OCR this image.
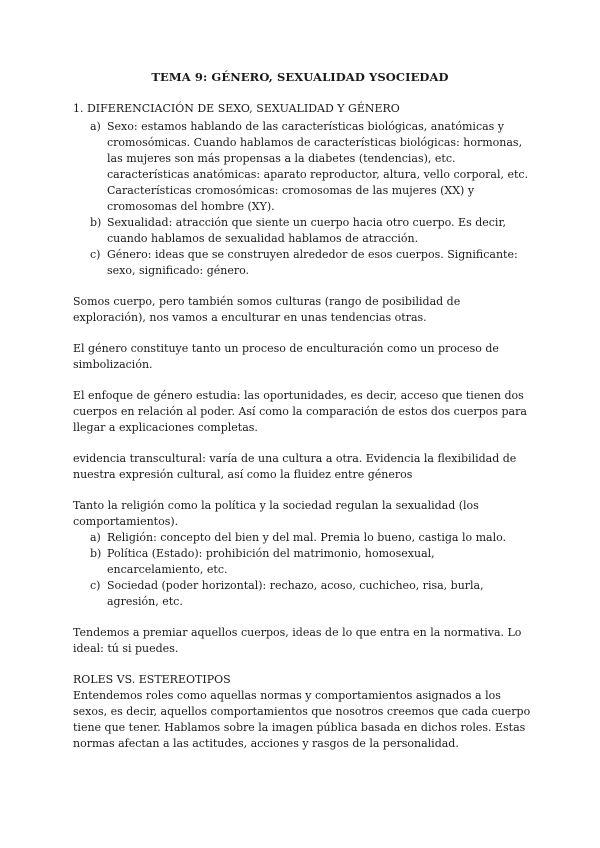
TEMA 9: GÉNERO, SEXUALIDAD YSOCIEDAD
1. DIFERENCIACIÓN DE SEXO, SEXUALIDAD Y GÉNERO
a) Sexo: estamos hablando de las características biológicas, anatómicas y cromosómicas. Cuando hablamos de características biológicas: hormonas, las mujeres son más propensas a la diabetes (tendencias), etc. características anatómicas: aparato reproductor, altura, vello corporal, etc. Características cromosómicas: cromosomas de las mujeres (XX) y cromosomas del hombre (XY).
b) Sexualidad: atracción que siente un cuerpo hacia otro cuerpo. Es decir, cuando hablamos de sexualidad hablamos de atracción.
c) Género: ideas que se construyen alrededor de esos cuerpos. Significante: sexo, significado: género.

Somos cuerpo, pero también somos culturas (rango de posibilidad de exploración), nos vamos a enculturar en unas tendencias otras.

El género constituye tanto un proceso de enculturación como un proceso de simbolización.

El enfoque de género estudia: las oportunidades, es decir, acceso que tienen dos cuerpos en relación al poder. Así como la comparación de estos dos cuerpos para llegar a explicaciones completas.

evidencia transcultural: varía de una cultura a otra. Evidencia la flexibilidad de nuestra expresión cultural, así como la fluidez entre géneros

Tanto la religión como la política y la sociedad regulan la sexualidad (los comportamientos).

a) Religión: concepto del bien y del mal. Premia lo bueno, castiga lo malo.
b) Política (Estado): prohibición del matrimonio, homosexual, encarcelamiento, etc.
c) Sociedad (poder horizontal): rechazo, acoso, cuchicheo, risa, burla, agresión, etc.

Tendemos a premiar aquellos cuerpos, ideas de lo que entra en la normativa. Lo ideal: tú si puedes.

ROLES VS. ESTEREOTIPOS

Entendemos roles como aquellas normas y comportamientos asignados a los sexos, es decir, aquellos comportamientos que nosotros creemos que cada cuerpo tiene que tener. Hablamos sobre la imagen pública basada en dichos roles. Estas normas afectan a las actitudes, acciones y rasgos de la personalidad.
